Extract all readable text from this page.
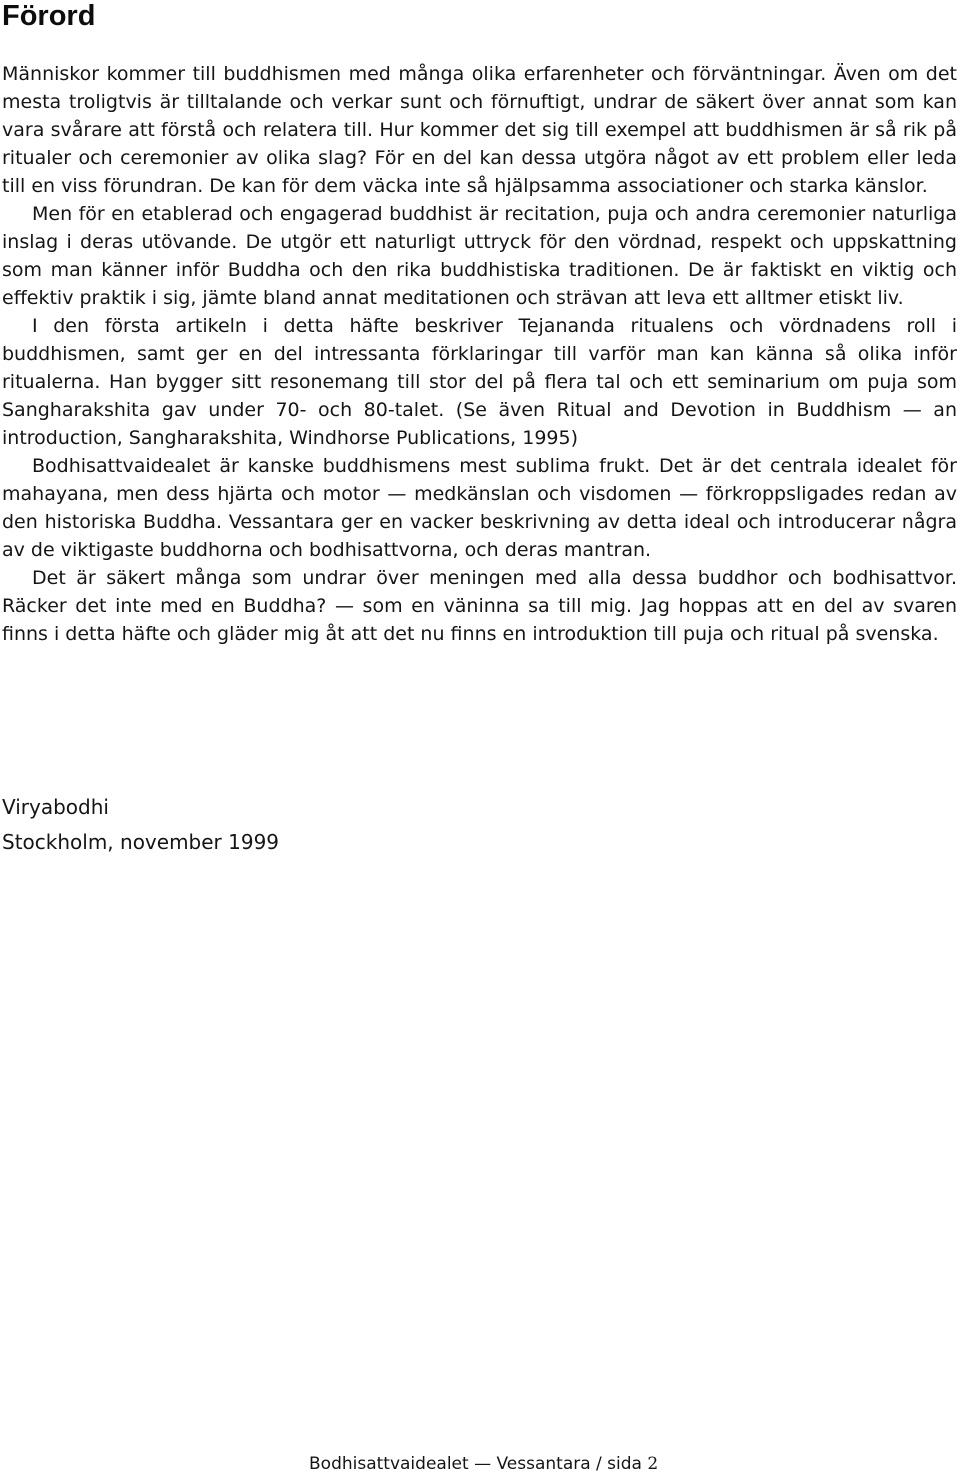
Förord

Människor kommer till buddhismen med många olika erfarenheter och förväntningar. Även om det mesta troligtvis är tilltalande och verkar sunt och förnuftigt, undrar de säkert över annat som kan vara svårare att förstå och relatera till. Hur kommer det sig till exempel att buddhismen är så rik på ritualer och ceremonier av olika slag? För en del kan dessa utgöra något av ett problem eller leda till en viss förundran. De kan för dem väcka inte så hjälpsamma associationer och starka känslor.

Men för en etablerad och engagerad buddhist är recitation, puja och andra ceremonier naturliga inslag i deras utövande. De utgör ett naturligt uttryck för den vördnad, respekt och uppskattning som man känner inför Buddha och den rika buddhistiska traditionen. De är faktiskt en viktig och effektiv praktik i sig, jämte bland annat meditationen och strävan att leva ett alltmer etiskt liv.

I den första artikeln i detta häfte beskriver Tejananda ritualens och vördnadens roll i buddhismen, samt ger en del intressanta förklaringar till varför man kan känna så olika inför ritualerna. Han bygger sitt resonemang till stor del på flera tal och ett seminarium om puja som Sangharakshita gav under 70- och 80-talet. (Se även Ritual and Devotion in Buddhism — an introduction, Sangharakshita, Windhorse Publications, 1995)

Bodhisattvaidealet är kanske buddhismens mest sublima frukt. Det är det centrala idealet för mahayana, men dess hjärta och motor — medkänslan och visdomen — förkroppsligades redan av den historiska Buddha. Vessantara ger en vacker beskrivning av detta ideal och introducerar några av de viktigaste buddhorna och bodhisattvorna, och deras mantran.

Det är säkert många som undrar över meningen med alla dessa buddhor och bodhisattvor. Räcker det inte med en Buddha? — som en väninna sa till mig. Jag hoppas att en del av svaren finns i detta häfte och gläder mig åt att det nu finns en introduktion till puja och ritual på svenska.

Viryabodhi
Stockholm, november 1999
Bodhisattvaidealet — Vessantara / sida 2
